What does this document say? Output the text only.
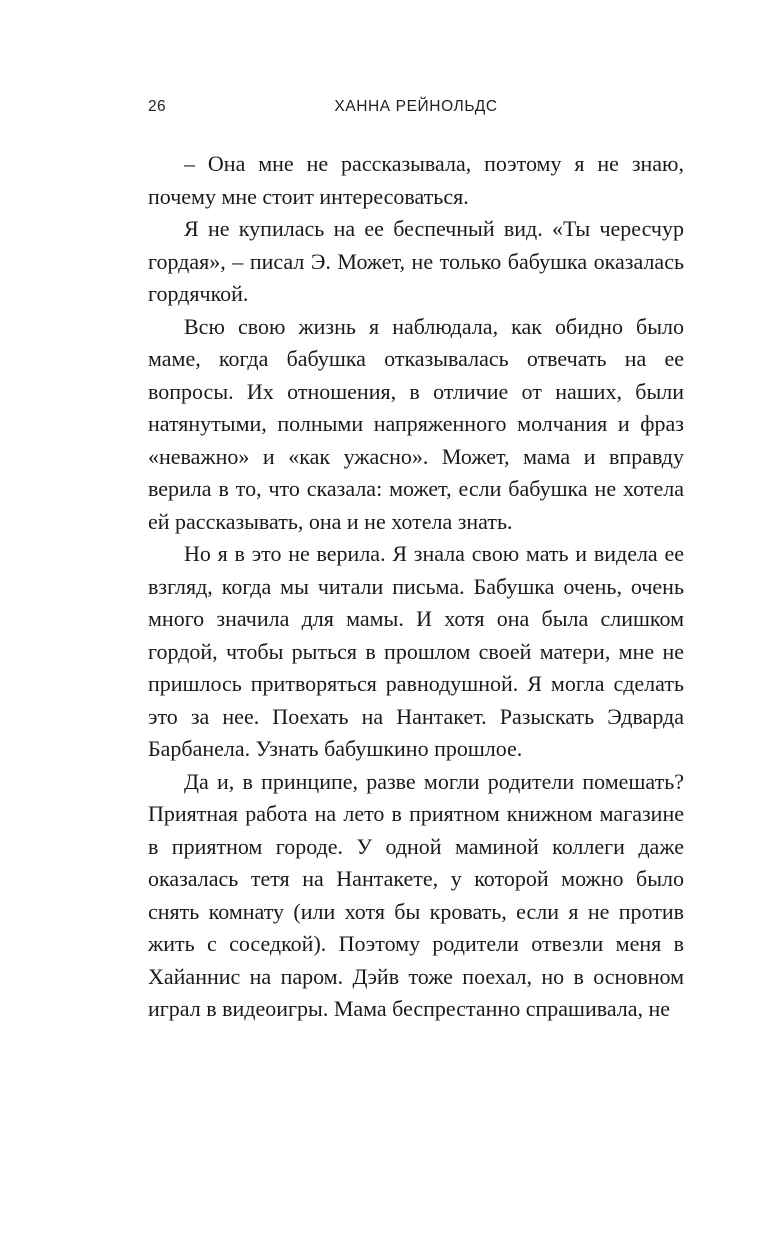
26	ХАННА РЕЙНОЛЬДС

– Она мне не рассказывала, поэтому я не знаю, почему мне стоит интересоваться.

Я не купилась на ее беспечный вид. «Ты чересчур гордая», – писал Э. Может, не только бабушка оказалась гордячкой.

Всю свою жизнь я наблюдала, как обидно было маме, когда бабушка отказывалась отвечать на ее вопросы. Их отношения, в отличие от наших, были натянутыми, полными напряженного молчания и фраз «неважно» и «как ужасно». Может, мама и вправду верила в то, что сказала: может, если бабушка не хотела ей рассказывать, она и не хотела знать.

Но я в это не верила. Я знала свою мать и видела ее взгляд, когда мы читали письма. Бабушка очень, очень много значила для мамы. И хотя она была слишком гордой, чтобы рыться в прошлом своей матери, мне не пришлось притворяться равнодушной. Я могла сделать это за нее. Поехать на Нантакет. Разыскать Эдварда Барбанела. Узнать бабушкино прошлое.

Да и, в принципе, разве могли родители помешать? Приятная работа на лето в приятном книжном магазине в приятном городе. У одной маминой коллеги даже оказалась тетя на Нантакете, у которой можно было снять комнату (или хотя бы кровать, если я не против жить с соседкой). Поэтому родители отвезли меня в Хайаннис на паром. Дэйв тоже поехал, но в основном играл в видеоигры. Мама беспрестанно спрашивала, не
